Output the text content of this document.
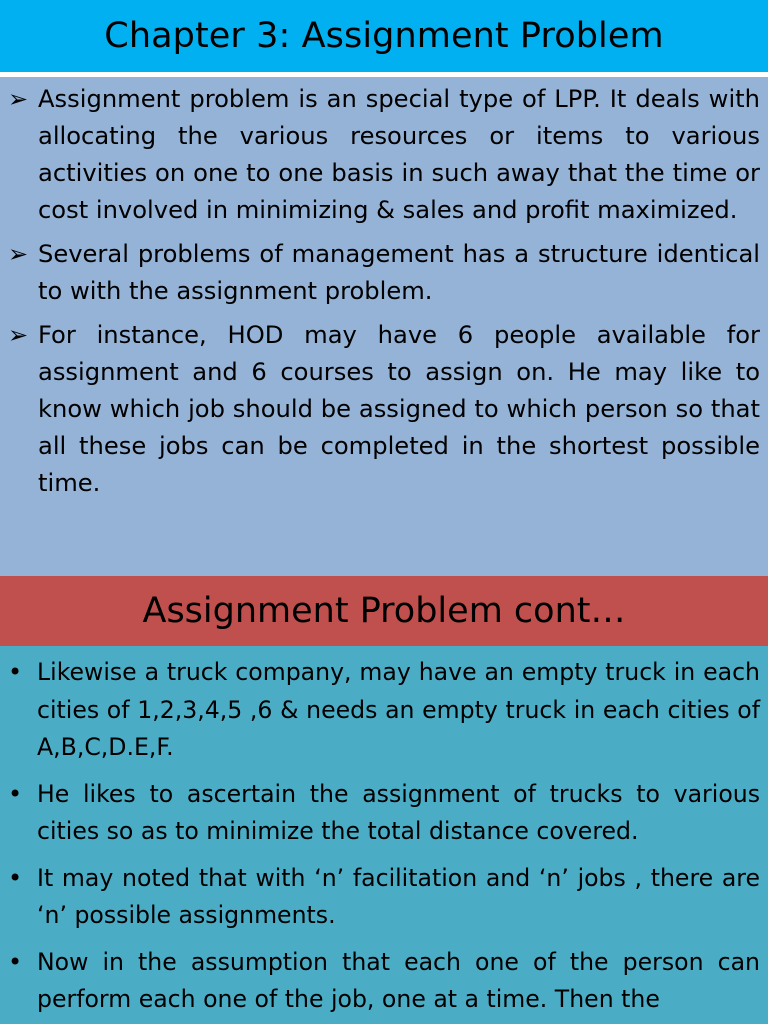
Chapter 3: Assignment Problem
➢ Assignment problem is an special type of LPP. It deals with allocating the various resources or items to various activities on one to one basis in such away that the time or cost involved in minimizing & sales and profit maximized.
➢ Several problems of management has a structure identical to with the assignment problem.
➢ For instance, HOD may have 6 people available for assignment and 6 courses to assign on. He may like to know which job should be assigned to which person so that all these jobs can be completed in the shortest possible time.
Assignment Problem cont…
• Likewise a truck company, may have an empty truck in each cities of 1,2,3,4,5 ,6 & needs an empty truck in each cities of A,B,C,D.E,F.
• He likes to ascertain the assignment of trucks to various cities so as to minimize the total distance covered.
• It may noted that with ‘n’ facilitation and ‘n’ jobs , there are ‘n’ possible assignments.
• Now in the assumption that each one of the person can perform each one of the job, one at a time. Then the
